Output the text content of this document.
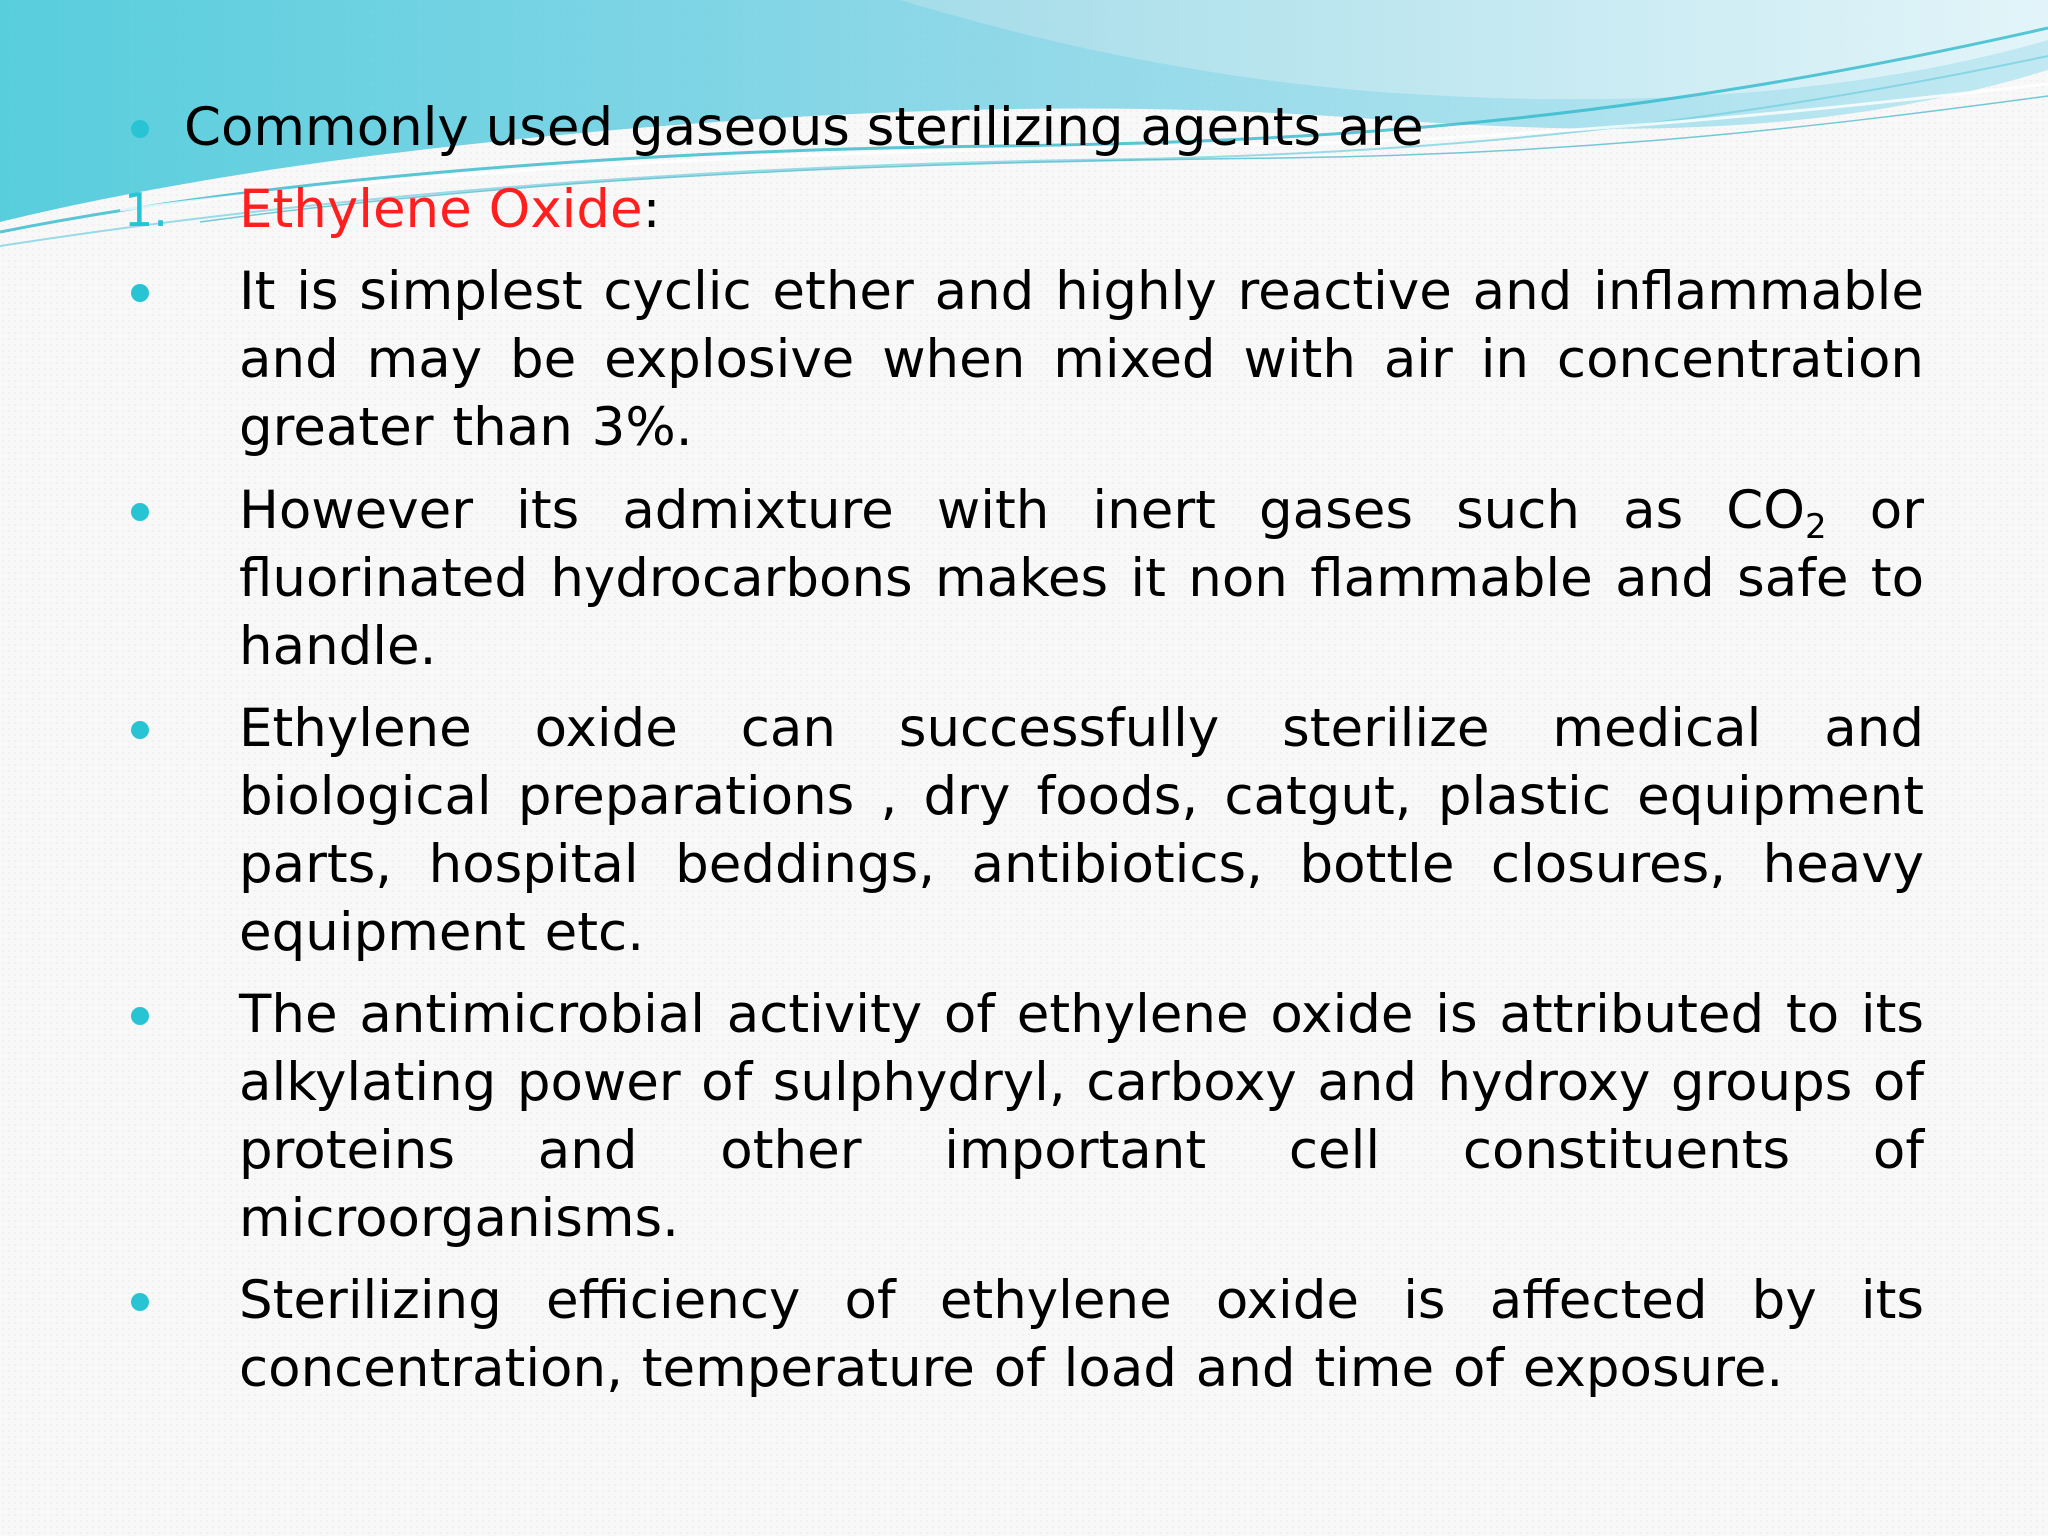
Commonly used gaseous sterilizing agents are
1. Ethylene Oxide:
It is simplest cyclic ether and highly reactive and inflammable and may be explosive when mixed with air in concentration greater than 3%.
However its admixture with inert gases such as $CO_2$ or fluorinated hydrocarbons makes it non flammable and safe to handle.
Ethylene oxide can successfully sterilize medical and biological preparations , dry foods, catgut, plastic equipment parts, hospital beddings, antibiotics, bottle closures, heavy equipment etc.
The antimicrobial activity of ethylene oxide is attributed to its alkylating power of sulphydryl, carboxy and hydroxy groups of proteins and other important cell constituents of microorganisms.
Sterilizing efficiency of ethylene oxide is affected by its concentration, temperature of load and time of exposure.
